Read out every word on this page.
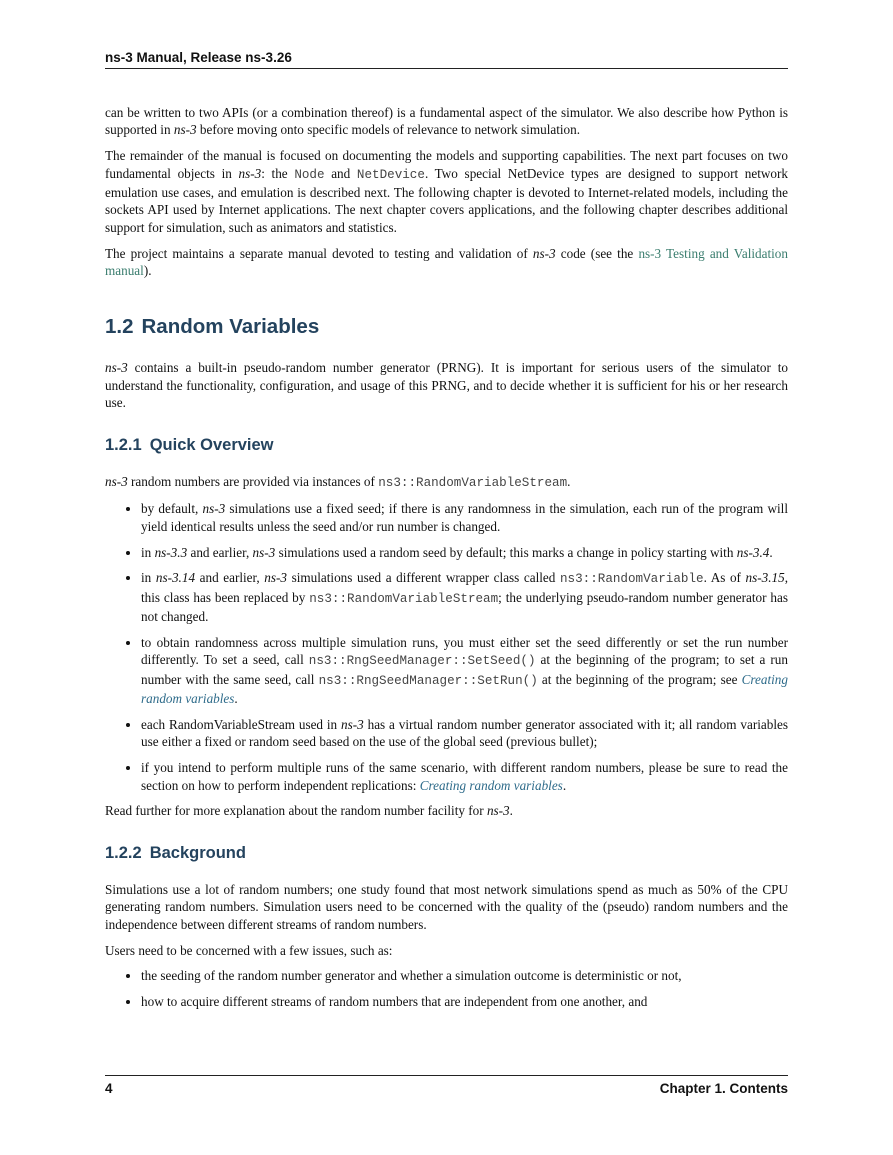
ns-3 Manual, Release ns-3.26

can be written to two APIs (or a combination thereof) is a fundamental aspect of the simulator. We also describe how Python is supported in ns-3 before moving onto specific models of relevance to network simulation.

The remainder of the manual is focused on documenting the models and supporting capabilities. The next part focuses on two fundamental objects in ns-3: the Node and NetDevice. Two special NetDevice types are designed to support network emulation use cases, and emulation is described next. The following chapter is devoted to Internet-related models, including the sockets API used by Internet applications. The next chapter covers applications, and the following chapter describes additional support for simulation, such as animators and statistics.

The project maintains a separate manual devoted to testing and validation of ns-3 code (see the ns-3 Testing and Validation manual).

1.2 Random Variables

ns-3 contains a built-in pseudo-random number generator (PRNG). It is important for serious users of the simulator to understand the functionality, configuration, and usage of this PRNG, and to decide whether it is sufficient for his or her research use.

1.2.1 Quick Overview

ns-3 random numbers are provided via instances of ns3::RandomVariableStream.

• by default, ns-3 simulations use a fixed seed; if there is any randomness in the simulation, each run of the program will yield identical results unless the seed and/or run number is changed.
• in ns-3.3 and earlier, ns-3 simulations used a random seed by default; this marks a change in policy starting with ns-3.4.
• in ns-3.14 and earlier, ns-3 simulations used a different wrapper class called ns3::RandomVariable. As of ns-3.15, this class has been replaced by ns3::RandomVariableStream; the underlying pseudo-random number generator has not changed.
• to obtain randomness across multiple simulation runs, you must either set the seed differently or set the run number differently. To set a seed, call ns3::RngSeedManager::SetSeed() at the beginning of the program; to set a run number with the same seed, call ns3::RngSeedManager::SetRun() at the beginning of the program; see Creating random variables.
• each RandomVariableStream used in ns-3 has a virtual random number generator associated with it; all random variables use either a fixed or random seed based on the use of the global seed (previous bullet);
• if you intend to perform multiple runs of the same scenario, with different random numbers, please be sure to read the section on how to perform independent replications: Creating random variables.

Read further for more explanation about the random number facility for ns-3.

1.2.2 Background

Simulations use a lot of random numbers; one study found that most network simulations spend as much as 50% of the CPU generating random numbers. Simulation users need to be concerned with the quality of the (pseudo) random numbers and the independence between different streams of random numbers.

Users need to be concerned with a few issues, such as:

• the seeding of the random number generator and whether a simulation outcome is deterministic or not,
• how to acquire different streams of random numbers that are independent from one another, and
4	Chapter 1. Contents
